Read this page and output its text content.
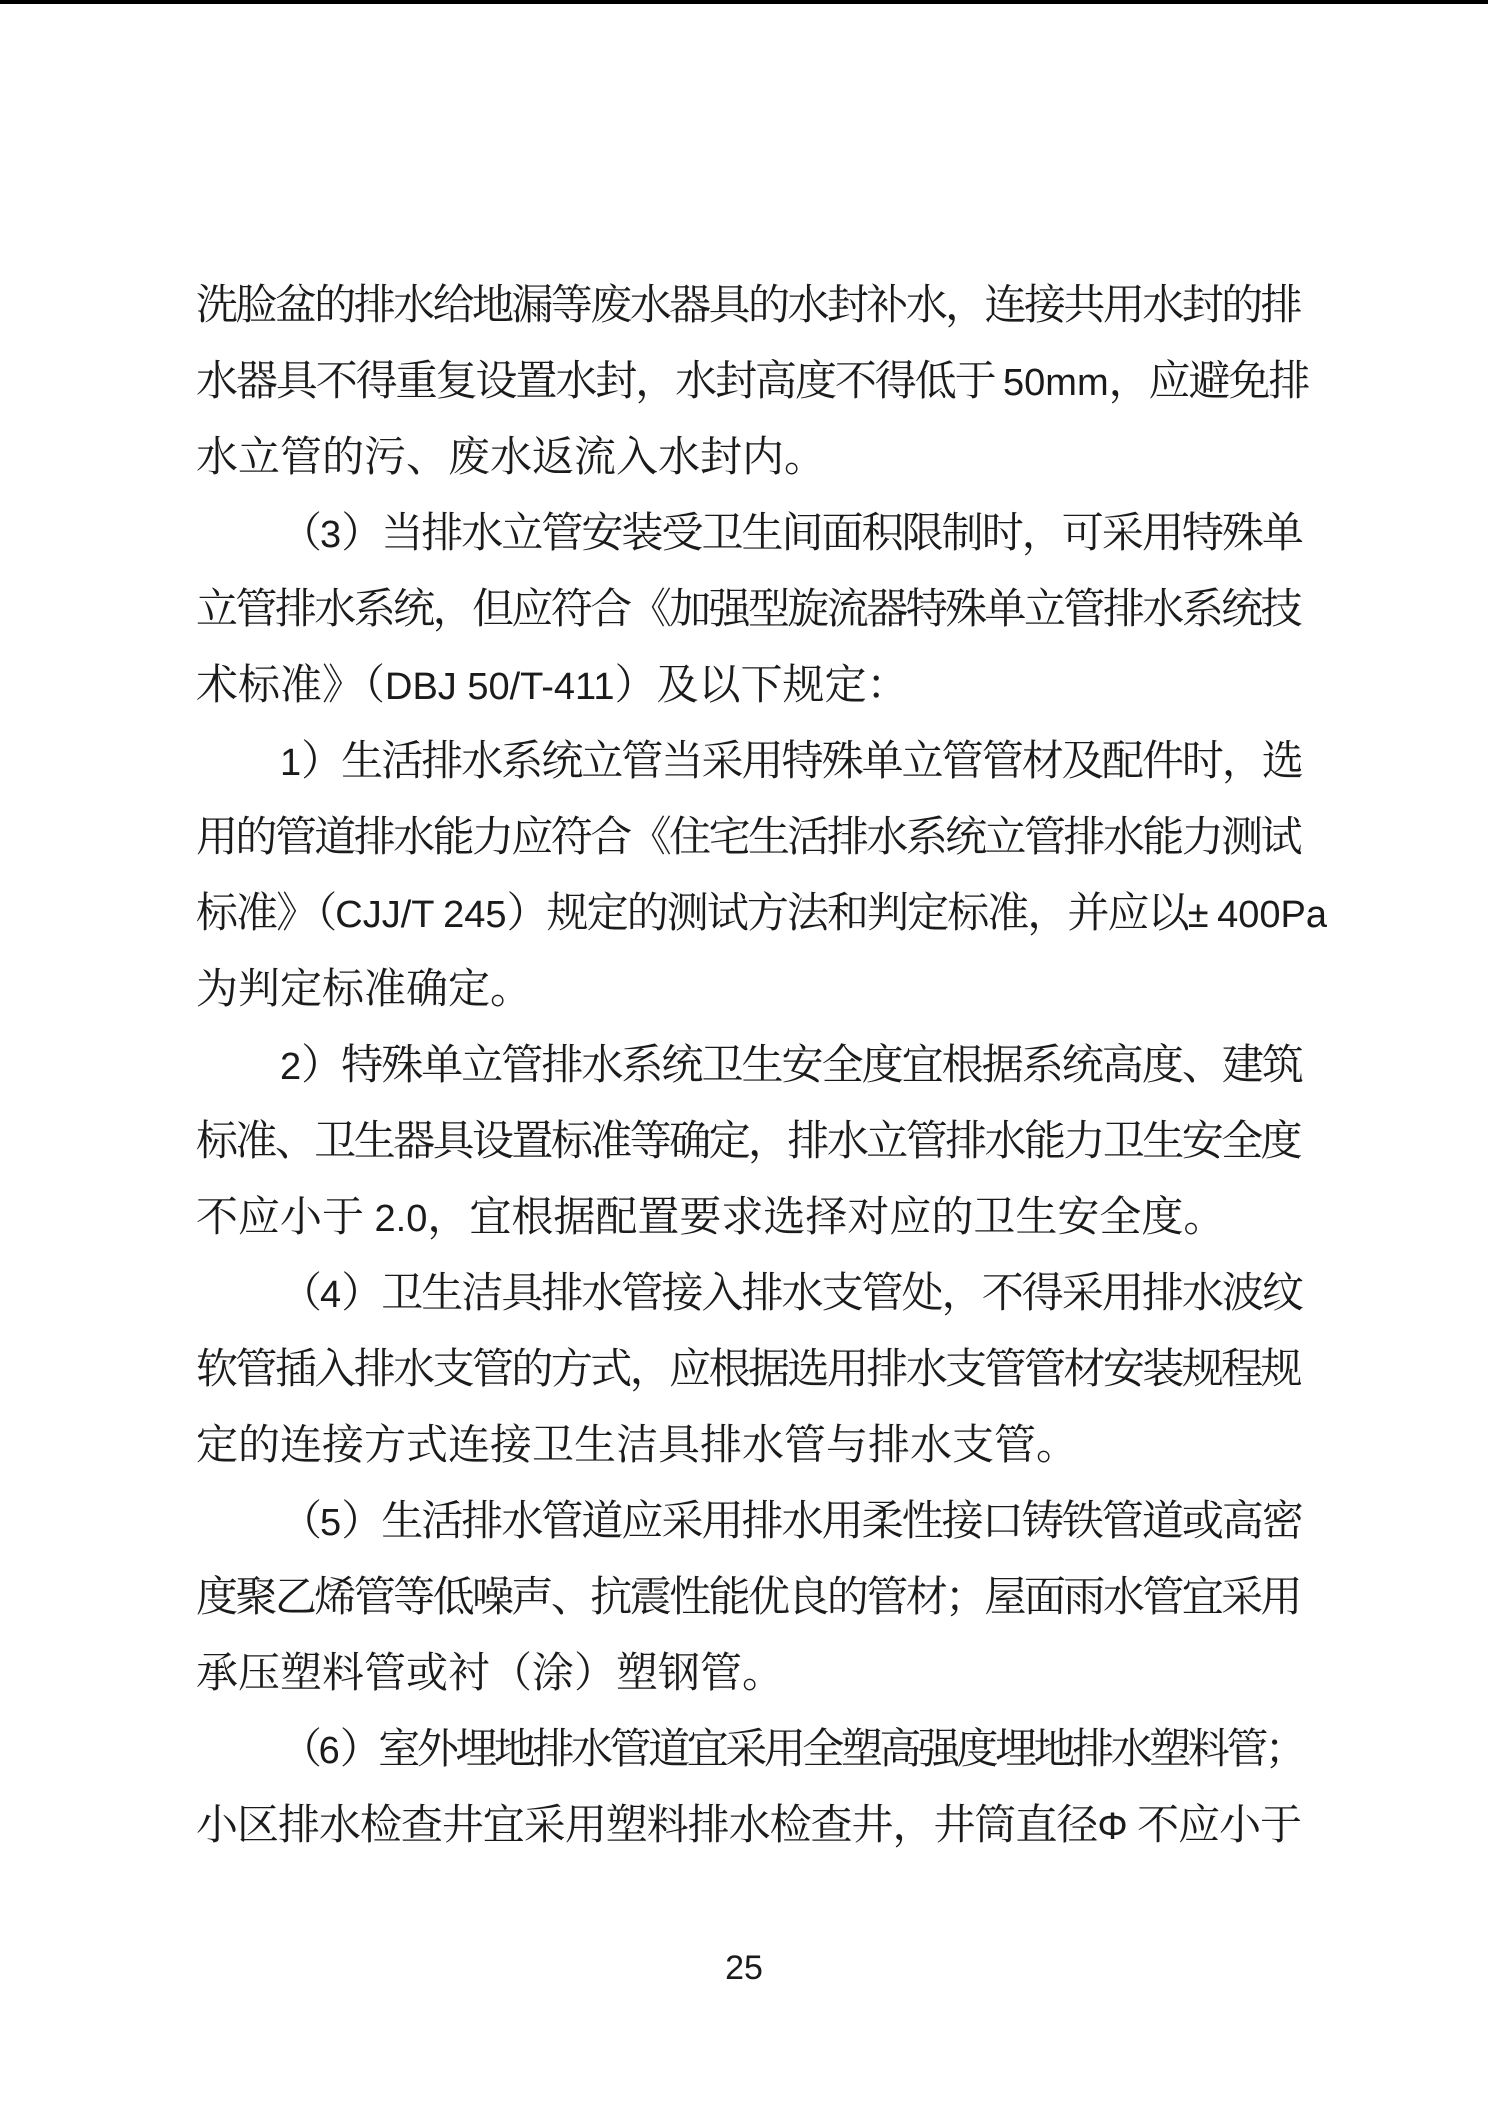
洗脸盆的排水给地漏等废水器具的水封补水，连接共用水封的排
水器具不得重复设置水封，水封高度不得低于 50mm，应避免排
水立管的污、废水返流入水封内。
（3）当排水立管安装受卫生间面积限制时，可采用特殊单
立管排水系统，但应符合《加强型旋流器特殊单立管排水系统技
术标准》（DBJ 50/T-411）及以下规定：
1）生活排水系统立管当采用特殊单立管管材及配件时，选
用的管道排水能力应符合《住宅生活排水系统立管排水能力测试
标准》（CJJ/T 245）规定的测试方法和判定标准，并应以± 400Pa
为判定标准确定。
2）特殊单立管排水系统卫生安全度宜根据系统高度、建筑
标准、卫生器具设置标准等确定，排水立管排水能力卫生安全度
不应小于 2.0，宜根据配置要求选择对应的卫生安全度。
（4）卫生洁具排水管接入排水支管处，不得采用排水波纹
软管插入排水支管的方式，应根据选用排水支管管材安装规程规
定的连接方式连接卫生洁具排水管与排水支管。
（5）生活排水管道应采用排水用柔性接口铸铁管道或高密
度聚乙烯管等低噪声、抗震性能优良的管材；屋面雨水管宜采用
承压塑料管或衬（涂）塑钢管。
（6）室外埋地排水管道宜采用全塑高强度埋地排水塑料管；
小区排水检查井宜采用塑料排水检查井，井筒直径Φ 不应小于
25
